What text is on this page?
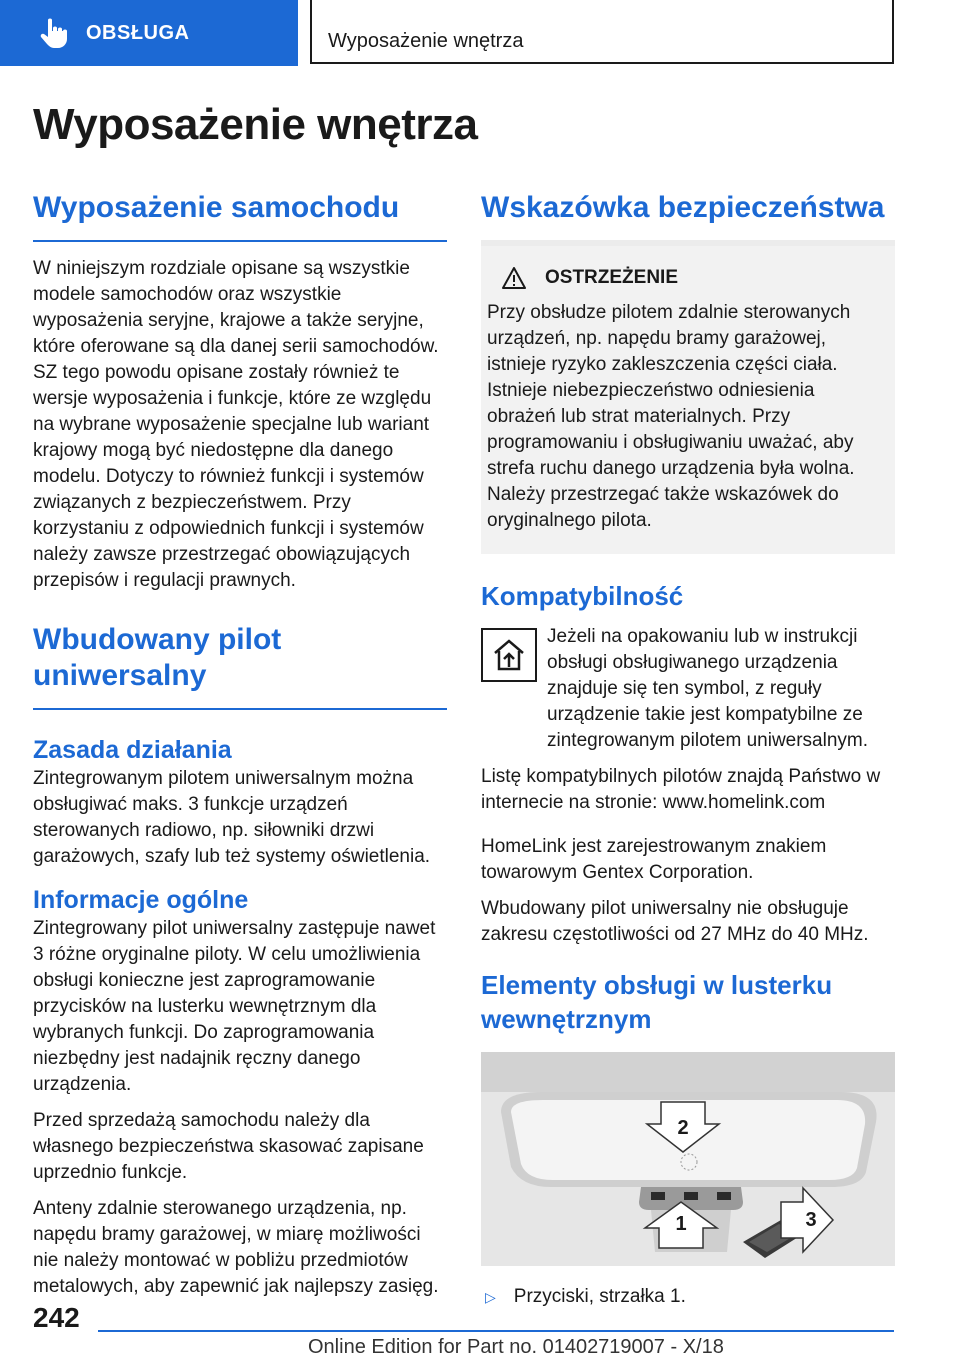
OBSŁUGA	Wyposażenie wnętrza
Wyposażenie wnętrza
Wyposażenie samochodu

W niniejszym rozdziale opisane są wszystkie modele samochodów oraz wszystkie wyposażenia seryjne, krajowe a także seryjne, które oferowane są dla danej serii samochodów. SZ tego powodu opisane zostały również te wersje wyposażenia i funkcje, które ze względu na wybrane wyposażenie specjalne lub wariant krajowy mogą być niedostępne dla danego modelu. Dotyczy to również funkcji i systemów związanych z bezpieczeństwem. Przy korzystaniu z odpowiednich funkcji i systemów należy zawsze przestrzegać obowiązujących przepisów i regulacji prawnych.

Wbudowany pilot uniwersalny
Zasada działania

Zintegrowanym pilotem uniwersalnym można obsługiwać maks. 3 funkcje urządzeń sterowanych radiowo, np. siłowniki drzwi garażowych, szafy lub też systemy oświetlenia.

Informacje ogólne

Zintegrowany pilot uniwersalny zastępuje nawet 3 różne oryginalne piloty. W celu umożliwienia obsługi konieczne jest zaprogramowanie przycisków na lusterku wewnętrznym dla wybranych funkcji. Do zaprogramowania niezbędny jest nadajnik ręczny danego urządzenia.

Przed sprzedażą samochodu należy dla własnego bezpieczeństwa skasować zapisane uprzednio funkcje.

Anteny zdalnie sterowanego urządzenia, np. napędu bramy garażowej, w miarę możliwości nie należy montować w pobliżu przedmiotów metalowych, aby zapewnić jak najlepszy zasięg.

Wskazówka bezpieczeństwa
OSTRZEŻENIE

Przy obsłudze pilotem zdalnie sterowanych urządzeń, np. napędu bramy garażowej, istnieje ryzyko zakleszczenia części ciała. Istnieje niebezpieczeństwo odniesienia obrażeń lub strat materialnych. Przy programowaniu i obsługiwaniu uważać, aby strefa ruchu danego urządzenia była wolna. Należy przestrzegać także wskazówek do oryginalnego pilota.

Kompatybilność

Jeżeli na opakowaniu lub w instrukcji obsługi obsługiwanego urządzenia znajduje się ten symbol, z reguły urządzenie takie jest kompatybilne ze zintegrowanym pilotem uniwersalnym.

Listę kompatybilnych pilotów znajdą Państwo w internecie na stronie: www.homelink.com

HomeLink jest zarejestrowanym znakiem towarowym Gentex Corporation.

Wbudowany pilot uniwersalny nie obsługuje zakresu częstotliwości od 27 MHz do 40 MHz.

Elementy obsługi w lusterku wewnętrznym
2
1	3
▷ Przyciski, strzałka 1.
242
Online Edition for Part no. 01402719007 - X/18
